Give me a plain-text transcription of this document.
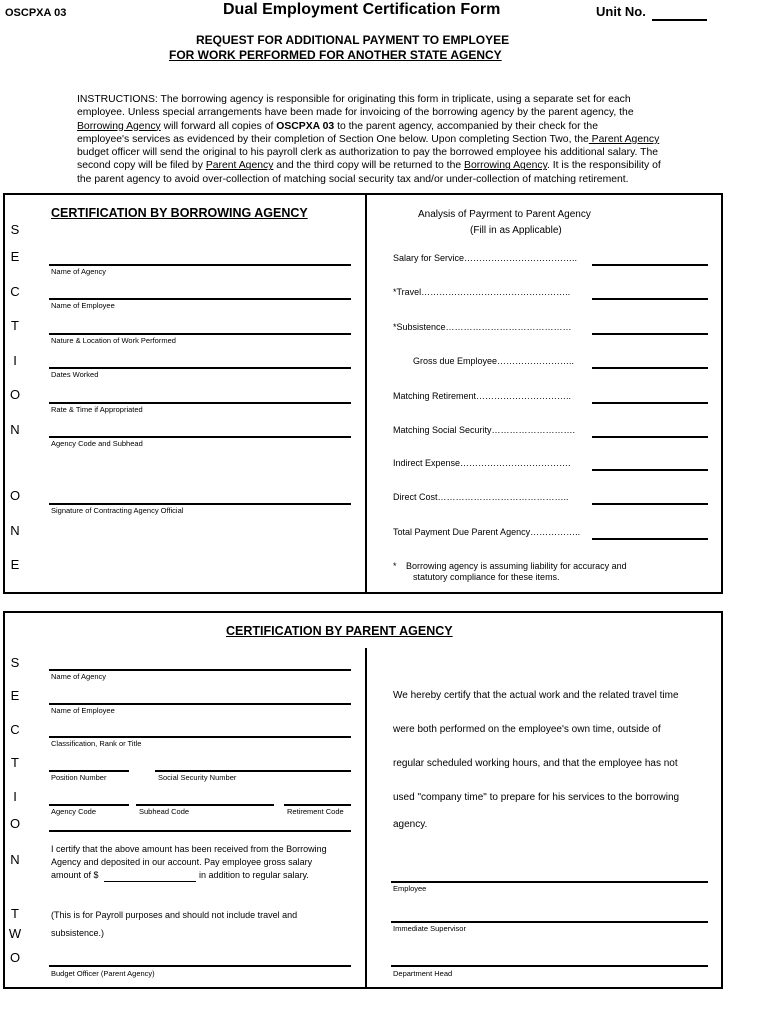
OSCPXA 03	Dual Employment Certification Form	Unit No.
REQUEST FOR ADDITIONAL PAYMENT TO EMPLOYEE
FOR WORK PERFORMED FOR ANOTHER STATE AGENCY

INSTRUCTIONS: The borrowing agency is responsible for originating this form in triplicate, using a separate set for each

employee. Unless special arrangements have been made for invoicing of the borrowing agency by the parent agency, the

Borrowing Agency will forward all copies of OSCPXA 03 to the parent agency, accompanied by their check for the

employee's services as evidenced by their completion of Section One below. Upon completing Section Two, the Parent Agency

budget officer will send the original to his payroll clerk as authorization to pay the borrowed employee his additional salary. The

second copy will be filed by Parent Agency and the third copy will be returned to the Borrowing Agency. It is the responsibility of

the parent agency to avoid over-collection of matching social security tax and/or under-collection of matching retirement.

S
E
C
T
I
O
N
O
N
E
CERTIFICATION BY BORROWING AGENCY
Name of Agency
Name of Employee
Nature & Location of Work Performed
Dates Worked
Rate & Time if Appropriated
Agency Code and Subhead
Signature of Contracting Agency Official
Analysis of Payrment to Parent Agency
(Fill in as Applicable)
Salary for Service………………………………..
*Travel…………………………………………..
*Subsistence……………………………………
Gross due Employee……………………..
Matching Retirement…………………………..
Matching Social Security……………………….
Indirect Expense……………………………….
Direct Cost……………………………………..
Total Payment Due Parent Agency……………..
* Borrowing agency is assuming liability for accuracy and
statutory compliance for these items.
CERTIFICATION BY PARENT AGENCY
S
E
C
T
I
O
N
T
W
O
Name of Agency
Name of Employee
Classification, Rank or Title
Position Number	Social Security Number
Agency Code	Subhead Code	Retirement Code
I certify that the above amount has been received from the Borrowing
Agency and deposited in our account. Pay employee gross salary
amount of $	in addition to regular salary.
(This is for Payroll purposes and should not include travel and
subsistence.)
Budget Officer (Parent Agency)

We hereby certify that the actual work and the related travel time

were both performed on the employee's own time, outside of

regular scheduled working hours, and that the employee has not

used "company time" to prepare for his services to the borrowing

agency.

Employee
Immediate Supervisor
Department Head
